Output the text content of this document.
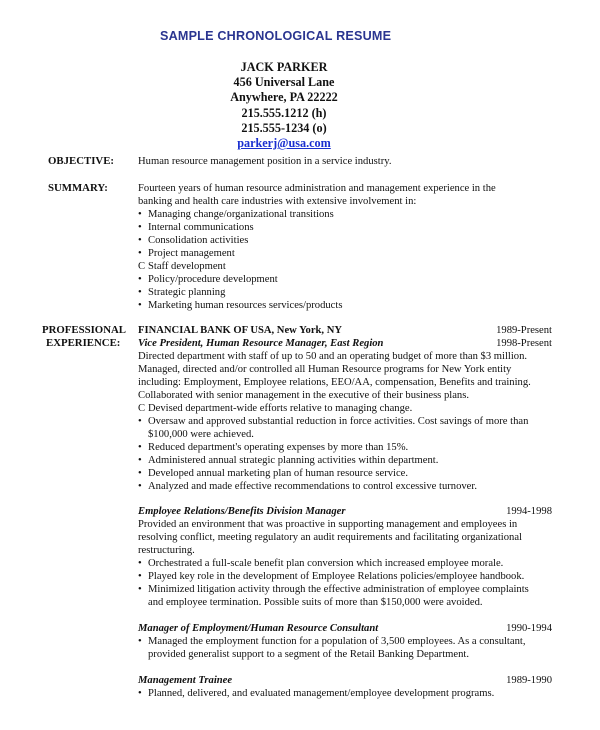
SAMPLE CHRONOLOGICAL RESUME
JACK PARKER
456 Universal Lane
Anywhere, PA 22222
215.555.1212 (h)
215.555-1234 (o)
parkerj@usa.com
OBJECTIVE: Human resource management position in a service industry.
SUMMARY:	Fourteen years of human resource administration and management experience in the
banking and health care industries with extensive involvement in:
• Managing change/organizational transitions
• Internal communications
• Consolidation activities
• Project management
C Staff development
• Policy/procedure development
• Strategic planning
• Marketing human resources services/products
PROFESSIONAL
EXPERIENCE:
FINANCIAL BANK OF USA, New York, NY	1989-Present
Vice President, Human Resource Manager, East Region	1998-Present
Directed department with staff of up to 50 and an operating budget of more than $3 million.
Managed, directed and/or controlled all Human Resource programs for New York entity
including: Employment, Employee relations, EEO/AA, compensation, Benefits and training.
Collaborated with senior management in the executive of their business plans.
C Devised department-wide efforts relative to managing change.
• Oversaw and approved substantial reduction in force activities. Cost savings of more than
$100,000 were achieved.
• Reduced department's operating expenses by more than 15%.
• Administered annual strategic planning activities within department.
• Developed annual marketing plan of human resource service.
• Analyzed and made effective recommendations to control excessive turnover.
Employee Relations/Benefits Division Manager	1994-1998
Provided an environment that was proactive in supporting management and employees in
resolving conflict, meeting regulatory an audit requirements and facilitating organizational
restructuring.
• Orchestrated a full-scale benefit plan conversion which increased employee morale.
• Played key role in the development of Employee Relations policies/employee handbook.
• Minimized litigation activity through the effective administration of employee complaints
and employee termination. Possible suits of more than $150,000 were avoided.
Manager of Employment/Human Resource Consultant	1990-1994
• Managed the employment function for a population of 3,500 employees. As a consultant,
provided generalist support to a segment of the Retail Banking Department.
Management Trainee	1989-1990
• Planned, delivered, and evaluated management/employee development programs.
